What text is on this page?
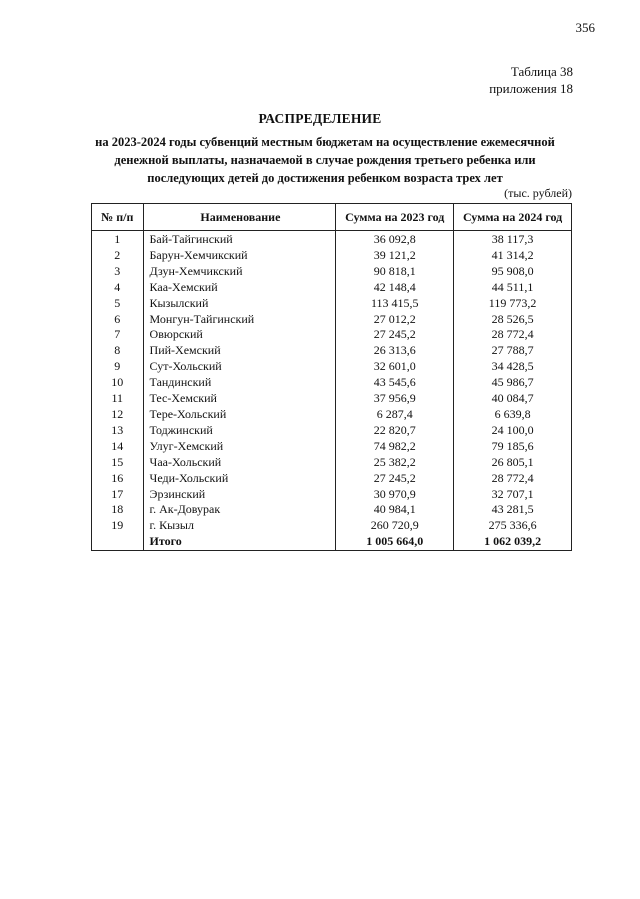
356
Таблица 38
приложения 18
РАСПРЕДЕЛЕНИЕ
на 2023-2024 годы субвенций местным бюджетам на осуществление ежемесячной денежной выплаты, назначаемой в случае рождения третьего ребенка или последующих детей до достижения ребенком возраста трех лет
(тыс. рублей)
№ п/п	Наименование	Сумма на 2023 год	Сумма на 2024 год
1	Бай-Тайгинский	36 092,8	38 117,3
2	Барун-Хемчикский	39 121,2	41 314,2
3	Дзун-Хемчикский	90 818,1	95 908,0
4	Каа-Хемский	42 148,4	44 511,1
5	Кызылский	113 415,5	119 773,2
6	Монгун-Тайгинский	27 012,2	28 526,5
7	Овюрский	27 245,2	28 772,4
8	Пий-Хемский	26 313,6	27 788,7
9	Сут-Хольский	32 601,0	34 428,5
10	Тандинский	43 545,6	45 986,7
11	Тес-Хемский	37 956,9	40 084,7
12	Тере-Хольский	6 287,4	6 639,8
13	Тоджинский	22 820,7	24 100,0
14	Улуг-Хемский	74 982,2	79 185,6
15	Чаа-Хольский	25 382,2	26 805,1
16	Чеди-Хольский	27 245,2	28 772,4
17	Эрзинский	30 970,9	32 707,1
18	г. Ак-Довурак	40 984,1	43 281,5
19	г. Кызыл	260 720,9	275 336,6
	Итого	1 005 664,0	1 062 039,2
